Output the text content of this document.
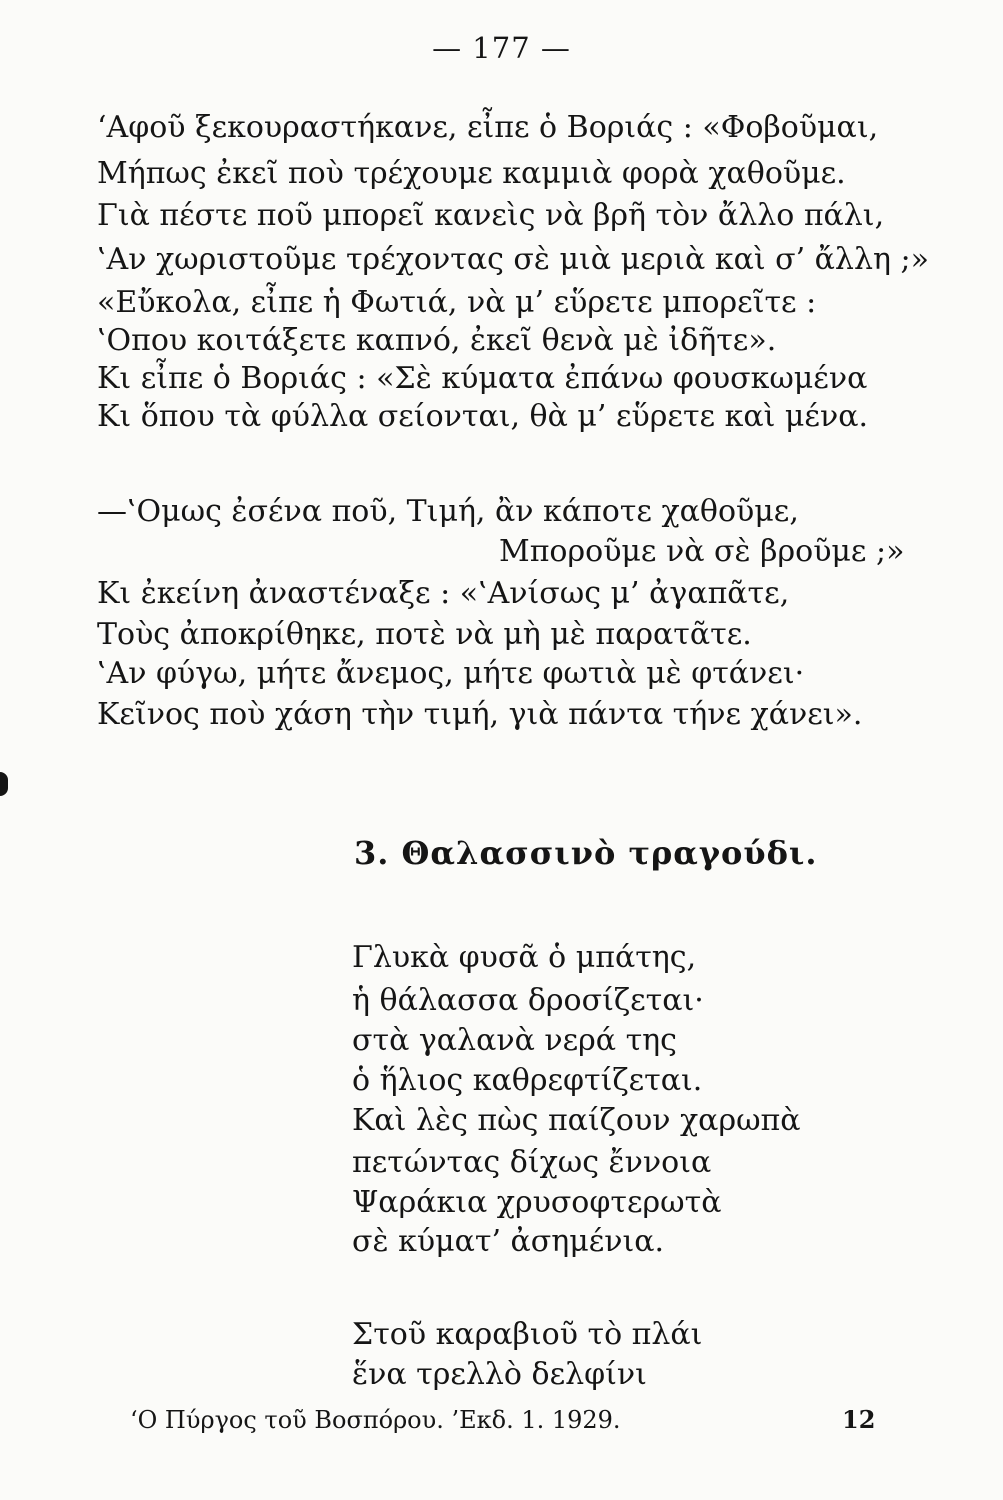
— 177 —
‘Αφοῦ ξεκουραστήκανε, εἶπε ὁ Βοριάς : «Φοβοῦμαι,
Μήπως ἐκεῖ ποὺ τρέχουμε καμμιὰ φορὰ χαθοῦμε.
Γιὰ πέστε ποῦ μπορεῖ κανεὶς νὰ βρῆ τὸν ἄλλο πάλι,
‛Αν χωριστοῦμε τρέχοντας σὲ μιὰ μεριὰ καὶ σ’ ἄλλη ;»
«Εὔκολα, εἶπε ἡ Φωτιά, νὰ μ’ εὕρετε μπορεῖτε :
‛Οπου κοιτάξετε καπνό, ἐκεῖ θενὰ μὲ ἰδῆτε».
Κι εἶπε ὁ Βοριάς : «Σὲ κύματα ἐπάνω φουσκωμένα
Κι ὅπου τὰ φύλλα σείονται, θὰ μ’ εὕρετε καὶ μένα.
—‛Ομως ἐσένα ποῦ, Τιμή, ἂν κάποτε χαθοῦμε,
Μποροῦμε νὰ σὲ βροῦμε ;»
Κι ἐκείνη ἀναστέναξε : «‛Ανίσως μ’ ἀγαπᾶτε,
Τοὺς ἀποκρίθηκε, ποτὲ νὰ μὴ μὲ παρατᾶτε.
‛Αν φύγω, μήτε ἄνεμος, μήτε φωτιὰ μὲ φτάνει·
Κεῖνος ποὺ χάση τὴν τιμή, γιὰ πάντα τήνε χάνει».
3. Θαλασσινὸ τραγούδι.
Γλυκὰ φυσᾶ ὁ μπάτης,
ἡ θάλασσα δροσίζεται·
στὰ γαλανὰ νερά της
ὁ ἥλιος καθρεφτίζεται.
Καὶ λὲς πὼς παίζουν χαρωπὰ
πετώντας δίχως ἔννοια
Ψαράκια χρυσοφτερωτὰ
σὲ κύματ’ ἀσημένια.
Στοῦ καραβιοῦ τὸ πλάι
ἕνα τρελλὸ δελφίνι
‘Ο Πύργος τοῦ Βοσπόρου. ’Εκδ. 1. 1929.	12
